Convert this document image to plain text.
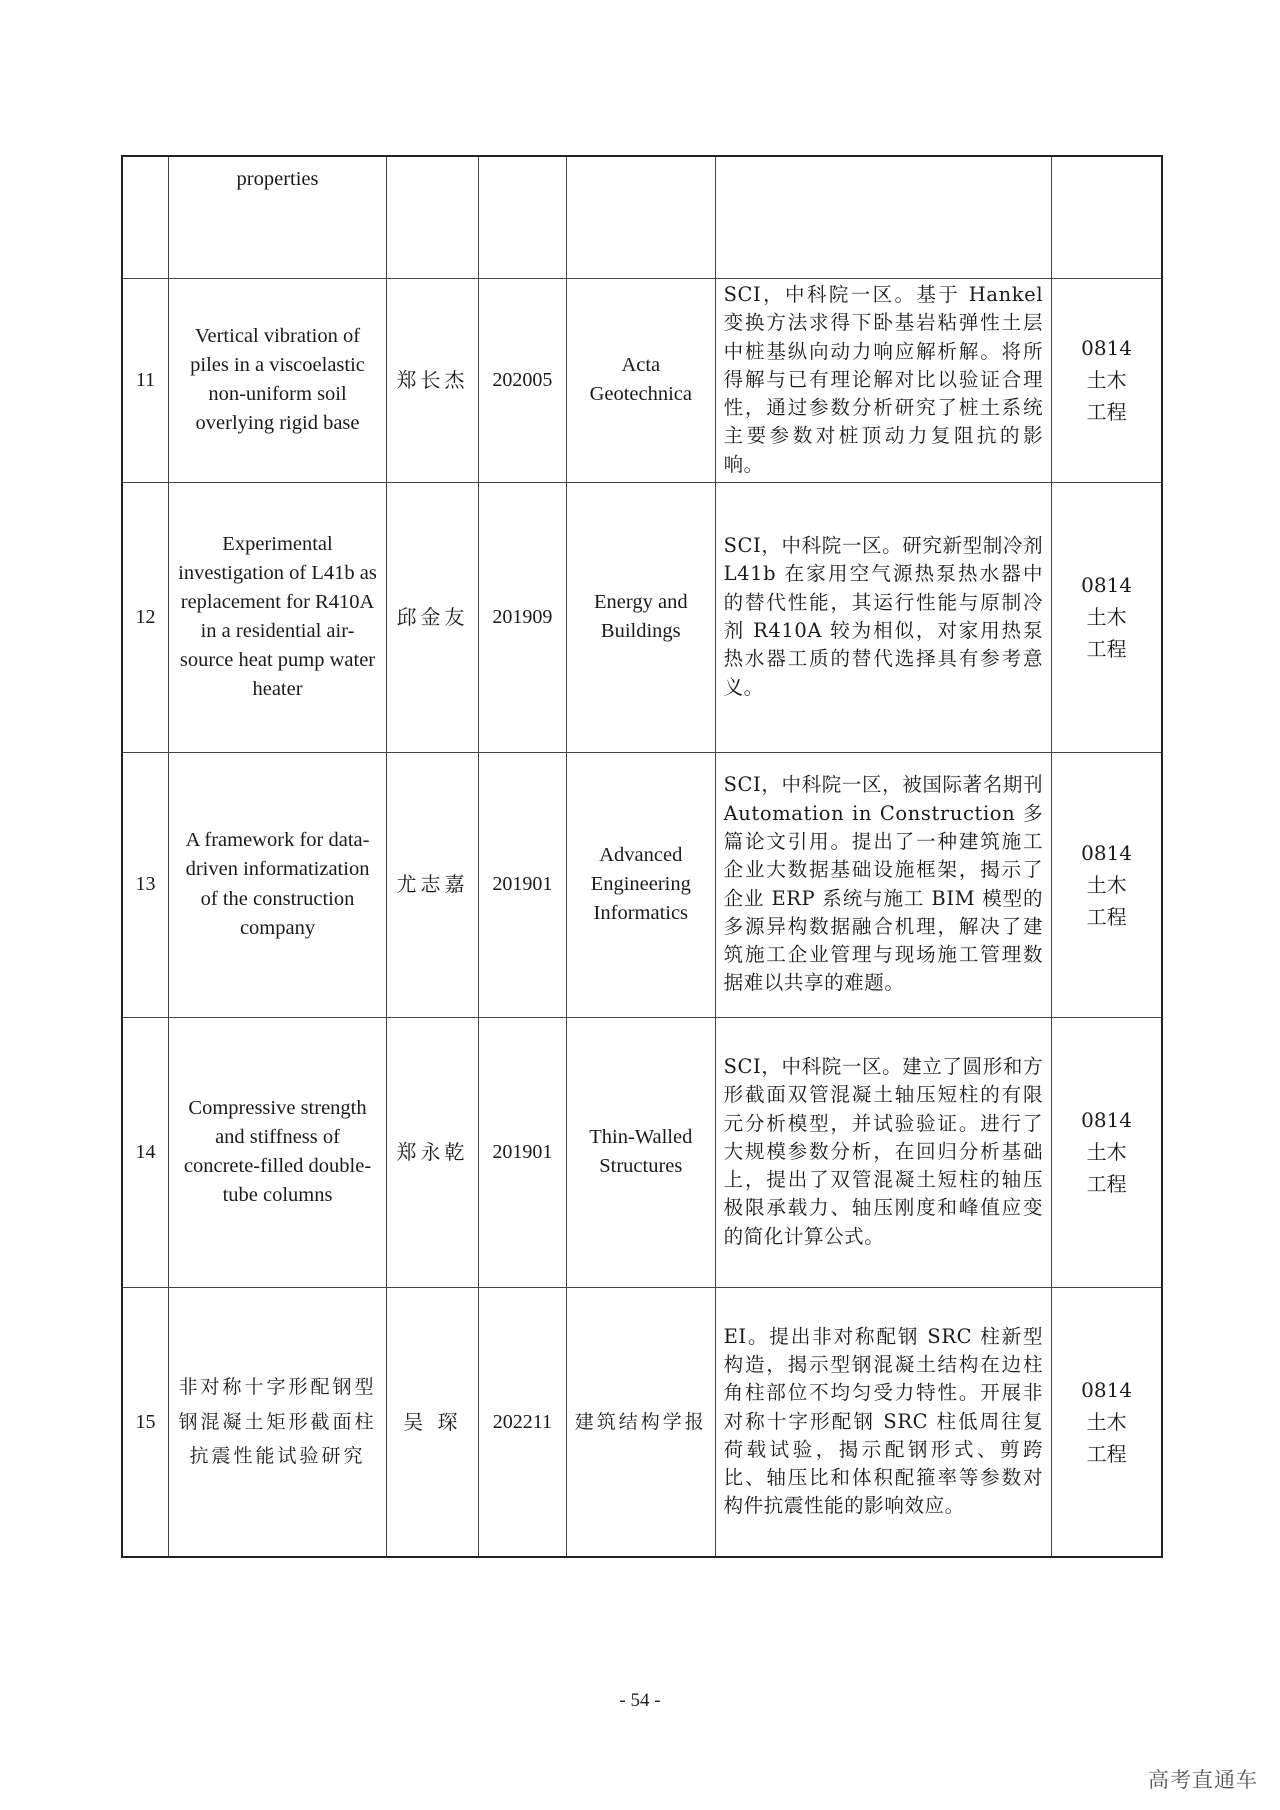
	properties					

11	Vertical vibration of piles in a viscoelastic non-uniform soil overlying rigid base	郑长杰	202005	Acta Geotechnica	SCI，中科院一区。基于 Hankel 变换方法求得下卧基岩粘弹性土层中桩基纵向动力响应解析解。将所得解与已有理论解对比以验证合理性，通过参数分析研究了桩土系统主要参数对桩顶动力复阻抗的影响。	0814
土木
工程

12	Experimental investigation of L41b as replacement for R410A in a residential air-source heat pump water heater	邱金友	201909	Energy and Buildings	SCI，中科院一区。研究新型制冷剂 L41b 在家用空气源热泵热水器中的替代性能，其运行性能与原制冷剂 R410A 较为相似，对家用热泵热水器工质的替代选择具有参考意义。	0814
土木
工程

13	A framework for data-driven informatization of the construction company	尤志嘉	201901	Advanced Engineering Informatics	SCI，中科院一区，被国际著名期刊 Automation in Construction 多篇论文引用。提出了一种建筑施工企业大数据基础设施框架，揭示了企业 ERP 系统与施工 BIM 模型的多源异构数据融合机理，解决了建筑施工企业管理与现场施工管理数据难以共享的难题。	0814
土木
工程

14	Compressive strength and stiffness of concrete-filled double-tube columns	郑永乾	201901	Thin-Walled Structures	SCI，中科院一区。建立了圆形和方形截面双管混凝土轴压短柱的有限元分析模型，并试验验证。进行了大规模参数分析，在回归分析基础上，提出了双管混凝土短柱的轴压极限承载力、轴压刚度和峰值应变的简化计算公式。	0814
土木
工程

15	非对称十字形配钢型钢混凝土矩形截面柱抗震性能试验研究	吴 琛	202211	建筑结构学报	EI。提出非对称配钢 SRC 柱新型构造，揭示型钢混凝土结构在边柱角柱部位不均匀受力特性。开展非对称十字形配钢 SRC 柱低周往复荷载试验，揭示配钢形式、剪跨比、轴压比和体积配箍率等参数对构件抗震性能的影响效应。	0814
土木
工程
- 54 -
高考直通车
